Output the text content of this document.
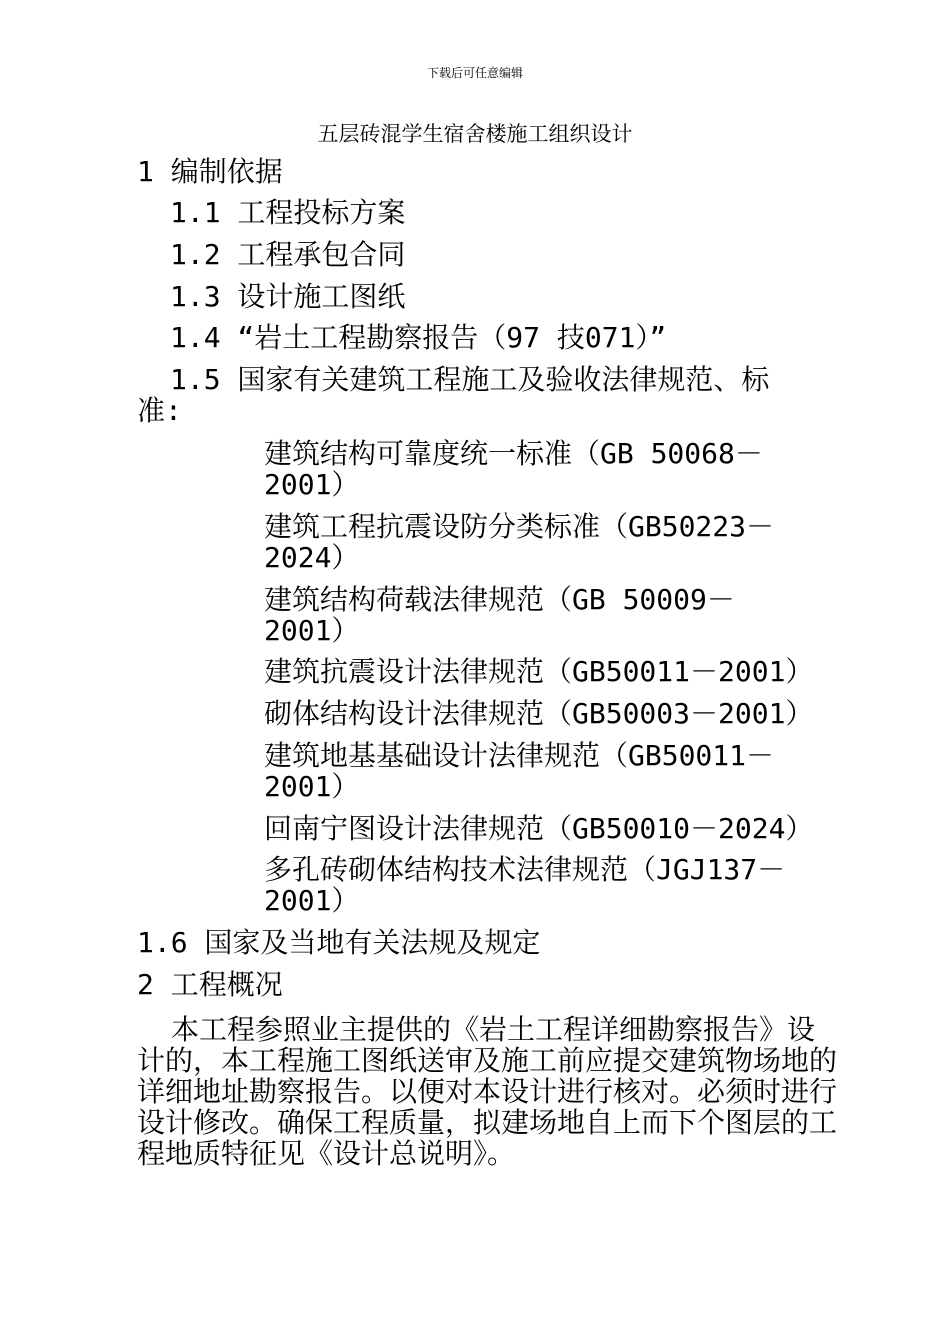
下载后可任意编辑
五层砖混学生宿舍楼施工组织设计
1 编制依据
1.1 工程投标方案
1.2 工程承包合同
1.3 设计施工图纸
1.4 “岩土工程勘察报告（97 技071）”
1.5 国家有关建筑工程施工及验收法律规范、标
准:
建筑结构可靠度统一标准（GB 50068－
2001）
建筑工程抗震设防分类标准（GB50223－
2024）
建筑结构荷载法律规范（GB 50009－
2001）
建筑抗震设计法律规范（GB50011－2001）
砌体结构设计法律规范（GB50003－2001）
建筑地基基础设计法律规范（GB50011－
2001）
回南宁图设计法律规范（GB50010－2024）
多孔砖砌体结构技术法律规范（JGJ137－
2001）
1.6 国家及当地有关法规及规定
2 工程概况
本工程参照业主提供的《岩土工程详细勘察报告》设计的，本工程施工图纸送审及施工前应提交建筑物场地的详细地址勘察报告。以便对本设计进行核对。必须时进行设计修改。确保工程质量，拟建场地自上而下个图层的工程地质特征见《设计总说明》。
